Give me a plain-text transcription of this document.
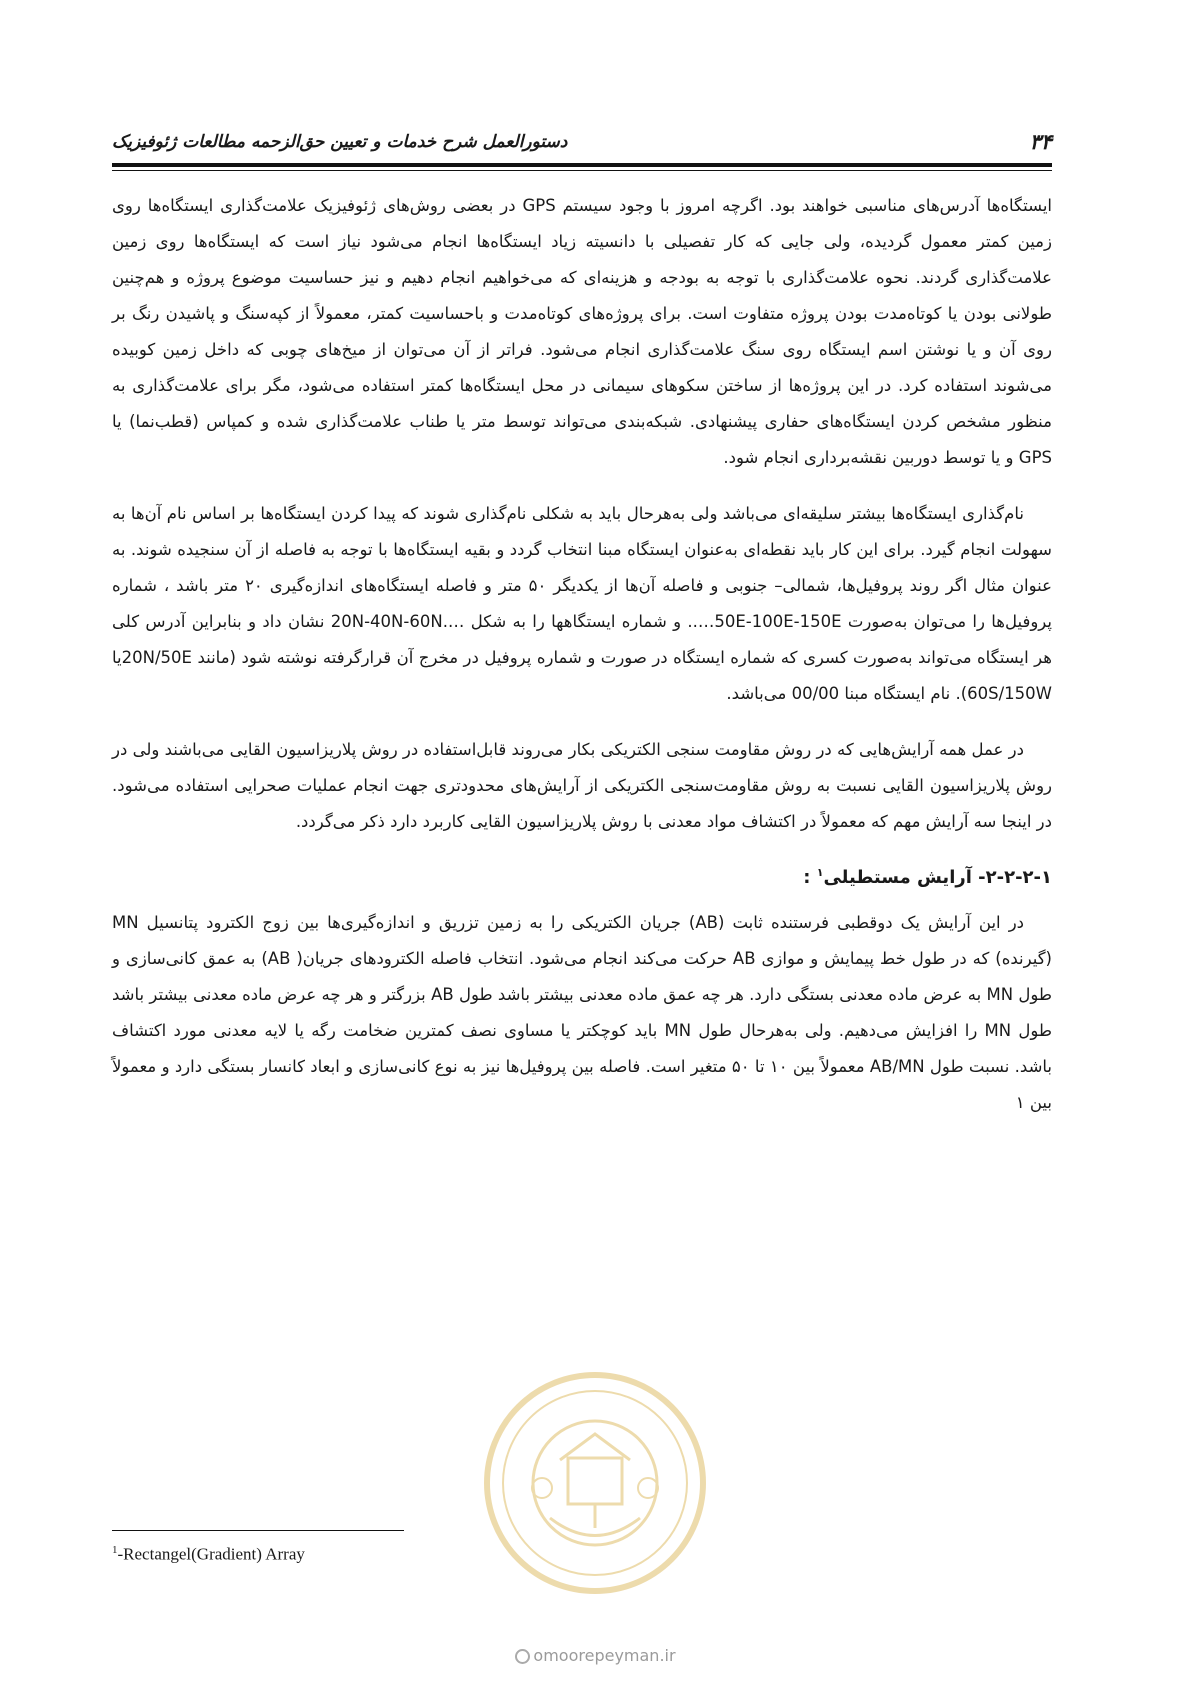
۳۴
دستورالعمل شرح خدمات و تعیین حق‌الزحمه مطالعات ژئوفیزیک

ایستگاه‌ها آدرس‌های مناسبی خواهند بود. اگرچه امروز با وجود سیستم GPS در بعضی روش‌های ژئوفیزیک علامت‌گذاری ایستگاه‌ها روی زمین کمتر معمول گردیده، ولی جایی که کار تفصیلی با دانسیته زیاد ایستگاه‌ها انجام می‌شود نیاز است که ایستگاه‌ها روی زمین علامت‌گذاری گردند. نحوه علامت‌گذاری با توجه به بودجه و هزینه‌ای که می‌خواهیم انجام دهیم و نیز حساسیت موضوع پروژه و هم‌چنین طولانی بودن یا کوتاه‌مدت بودن پروژه متفاوت است. برای پروژه‌های کوتاه‌مدت و باحساسیت کمتر، معمولاً از کپه‌سنگ و پاشیدن رنگ بر روی آن و یا نوشتن اسم ایستگاه روی سنگ علامت‌گذاری انجام می‌شود. فراتر از آن می‌توان از میخ‌های چوبی که داخل زمین کوبیده می‌شوند استفاده کرد. در این پروژه‌ها از ساختن سکوهای سیمانی در محل ایستگاه‌ها کمتر استفاده می‌شود، مگر برای علامت‌گذاری به منظور مشخص کردن ایستگاه‌های حفاری پیشنهادی. شبکه‌بندی می‌تواند توسط متر یا طناب علامت‌گذاری شده و کمپاس (قطب‌نما) یا GPS و یا توسط دوربین نقشه‌برداری انجام شود.

نام‌گذاری ایستگاه‌ها بیشتر سلیقه‌ای می‌باشد ولی به‌هرحال باید به شکلی نام‌گذاری شوند که پیدا کردن ایستگاه‌ها بر اساس نام آن‌ها به سهولت انجام گیرد. برای این کار باید نقطه‌ای به‌عنوان ایستگاه مبنا انتخاب گردد و بقیه ایستگاه‌ها با توجه به فاصله از آن سنجیده شوند. به عنوان مثال اگر روند پروفیل‌ها، شمالی– جنوبی و فاصله آن‌ها از یکدیگر ۵۰ متر و فاصله ایستگاه‌های اندازه‌گیری ۲۰ متر باشد ، شماره پروفیل‌ها را می‌توان به‌صورت 50E-100E-150E….. و شماره ایستگاهها را به شکل ….20N-40N-60N نشان داد و بنابراین آدرس کلی هر ایستگاه می‌تواند به‌صورت کسری که شماره ایستگاه در صورت و شماره پروفیل در مخرج آن قرارگرفته نوشته شود (مانند 20N/50Eیا 60S/150W). نام ایستگاه مبنا 00/00 می‌باشد.

در عمل همه آرایش‌هایی که در روش مقاومت سنجی الکتریکی بکار می‌روند قابل‌استفاده در روش پلاریزاسیون القایی می‌باشند ولی در روش پلاریزاسیون القایی نسبت به روش مقاومت‌سنجی الکتریکی از آرایش‌های محدودتری جهت انجام عملیات صحرایی استفاده می‌شود. در اینجا سه آرایش مهم که معمولاً در اکتشاف مواد معدنی با روش پلاریزاسیون القایی کاربرد دارد ذکر می‌گردد.

۲-۲-۲-۱- آرایش مستطیلی$^۱$ :

در این آرایش یک دوقطبی فرستنده ثابت (AB) جریان الکتریکی را به زمین تزریق و اندازه‌گیری‌ها بین زوج الکترود پتانسیل MN (گیرنده) که در طول خط پیمایش و موازی AB حرکت می‌کند انجام می‌شود. انتخاب فاصله الکترودهای جریان( AB) به عمق کانی‌سازی و طول MN به عرض ماده معدنی بستگی دارد. هر چه عمق ماده معدنی بیشتر باشد طول AB بزرگتر و هر چه عرض ماده معدنی بیشتر باشد طول MN را افزایش می‌دهیم. ولی به‌هرحال طول MN باید کوچکتر یا مساوی نصف کمترین ضخامت رگه یا لایه معدنی مورد اکتشاف باشد. نسبت طول AB/MN معمولاً بین ۱۰ تا ۵۰ متغیر است. فاصله بین پروفیل‌ها نیز به نوع کانی‌سازی و ابعاد کانسار بستگی دارد و معمولاً بین ۱

$^1$-Rectangel(Gradient) Array
omoorepeyman.ir
